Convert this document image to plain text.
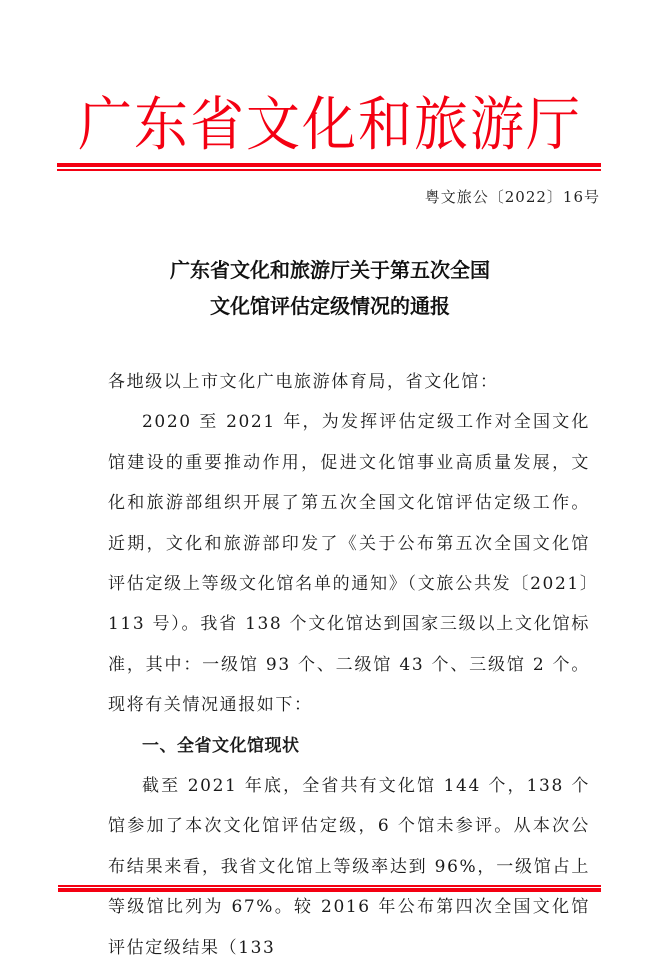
广东省文化和旅游厅
粤文旅公〔2022〕16号
广东省文化和旅游厅关于第五次全国
文化馆评估定级情况的通报

各地级以上市文化广电旅游体育局，省文化馆：

2020 至 2021 年，为发挥评估定级工作对全国文化馆建设的重要推动作用，促进文化馆事业高质量发展，文化和旅游部组织开展了第五次全国文化馆评估定级工作。近期，文化和旅游部印发了《关于公布第五次全国文化馆评估定级上等级文化馆名单的通知》（文旅公共发〔2021〕113 号）。我省 138 个文化馆达到国家三级以上文化馆标准，其中：一级馆 93 个、二级馆 43 个、三级馆 2 个。现将有关情况通报如下：

一、全省文化馆现状

截至 2021 年底，全省共有文化馆 144 个，138 个馆参加了本次文化馆评估定级，6 个馆未参评。从本次公布结果来看，我省文化馆上等级率达到 96%，一级馆占上等级馆比列为 67%。较 2016 年公布第四次全国文化馆评估定级结果（133
